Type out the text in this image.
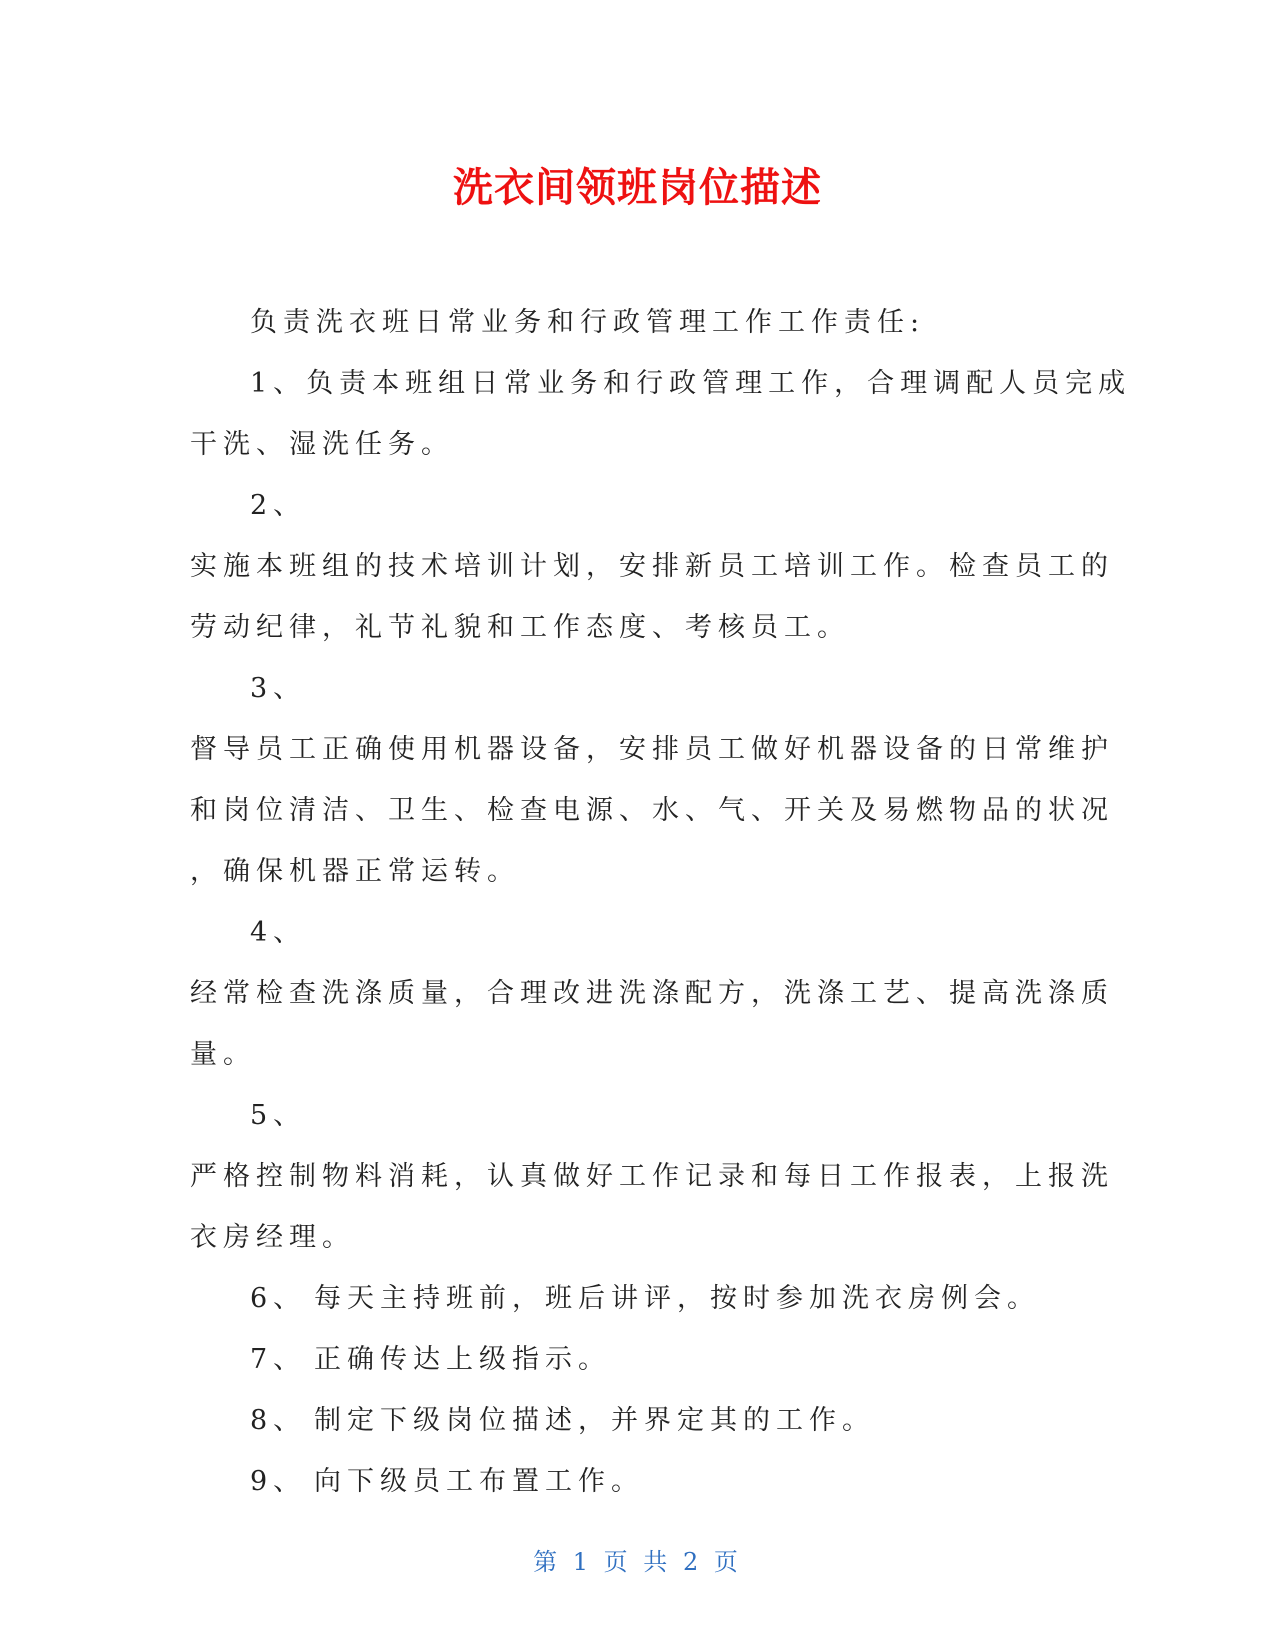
洗衣间领班岗位描述
负责洗衣班日常业务和行政管理工作工作责任:
1、负责本班组日常业务和行政管理工作，合理调配人员完成
干洗、湿洗任务。
2、
实施本班组的技术培训计划，安排新员工培训工作。检查员工的
劳动纪律，礼节礼貌和工作态度、考核员工。
3、
督导员工正确使用机器设备，安排员工做好机器设备的日常维护
和岗位清洁、卫生、检查电源、水、气、开关及易燃物品的状况
，确保机器正常运转。
4、
经常检查洗涤质量，合理改进洗涤配方，洗涤工艺、提高洗涤质
量。
5、
严格控制物料消耗，认真做好工作记录和每日工作报表，上报洗
衣房经理。
6、 每天主持班前，班后讲评，按时参加洗衣房例会。
7、 正确传达上级指示。
8、 制定下级岗位描述，并界定其的工作。
9、 向下级员工布置工作。
第 1 页 共 2 页
